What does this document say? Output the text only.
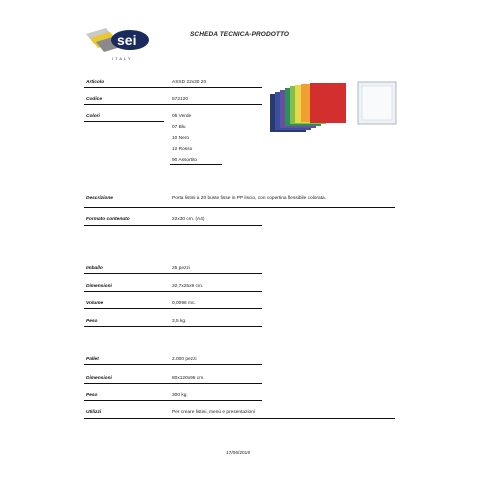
sei
ITALY
SCHEDA TECNICA-PRODOTTO
Articolo	ASSD 22x30 20
Codice	572120
Colori	05 Verde
07 Blu
10 Nero
12 Rosso
90 Assortito
Descrizione	Porta listini a 20 buste fisse in PP liscio, con copertina flessibile colorata.
Formato contenuto	22x30 cm. (A4)
Imballo	25 pezzi
Dimensioni	32,7x25x9 cm.
Volume	0,0096 mc.
Peso	3,5 kg.
Pallet	2.000 pezzi
Dimensioni	80x120x96 cm.
Peso	300 kg.
Utilizzi	Per creare listini, menù e presentazioni
17/06/2019
